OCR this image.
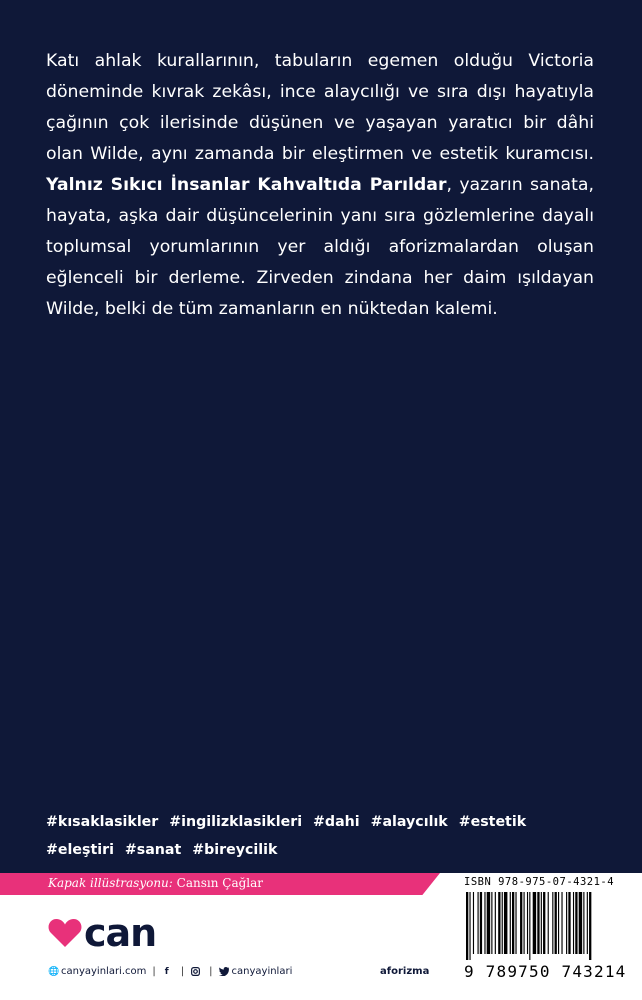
Katı ahlak kurallarının, tabuların egemen olduğu Victoria döneminde kıvrak zekâsı, ince alaycılığı ve sıra dışı hayatıyla çağının çok ilerisinde düşünen ve yaşayan yaratıcı bir dâhi olan Wilde, aynı zamanda bir eleştirmen ve estetik kuramcısı. Yalnız Sıkıcı İnsanlar Kahvaltıda Parıldar, yazarın sanata, hayata, aşka dair düşüncelerinin yanı sıra gözlemlerine dayalı toplumsal yorumlarının yer aldığı aforizmalardan oluşan eğlenceli bir derleme. Zirveden zindana her daim ışıldayan Wilde, belki de tüm zamanların en nüktedan kalemi.

#kısaklasikler #ingilizklasikleri #dahi #alaycılık #estetik #eleştiri #sanat #bireycilik

Kapak illüstrasyonu: Cansın Çağlar
can
🌐 canyayinlari.com |	f	|	| canyayinlari	aforizma
ISBN 978-975-07-4321-4
9 789750 743214
